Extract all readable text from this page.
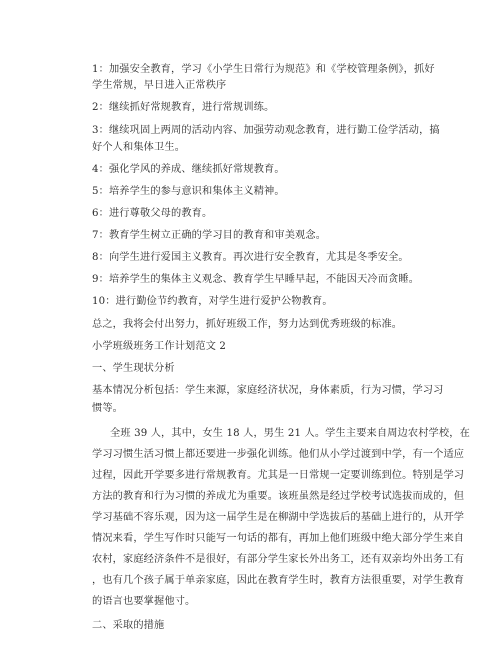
1：加强安全教育，学习《小学生日常行为规范》和《学校管理条例》，抓好
学生常规，早日进入正常秩序
2：继续抓好常规教育，进行常规训练。
3：继续巩固上两周的活动内容、加强劳动观念教育，进行勤工俭学活动，搞
好个人和集体卫生。
4：强化学风的养成、继续抓好常规教育。
5：培养学生的参与意识和集体主义精神。
6：进行尊敬父母的教育。
7：教育学生树立正确的学习目的教育和审美观念。
8：向学生进行爱国主义教育。再次进行安全教育，尤其是冬季安全。
9：培养学生的集体主义观念、教育学生早睡早起，不能因天冷而贪睡。
10：进行勤俭节约教育，对学生进行爱护公物教育。
总之，我将会付出努力，抓好班级工作，努力达到优秀班级的标准。
小学班级班务工作计划范文 2
一、学生现状分析
基本情况分析包括：学生来源，家庭经济状况，身体素质，行为习惯，学习习
惯等。
全班 39 人，其中，女生 18 人，男生 21 人。学生主要来自周边农村学校，在
学习习惯生活习惯上都还要进一步强化训练。他们从小学过渡到中学，有一个适应
过程，因此开学要多进行常规教育。尤其是一日常规一定要训练到位。特别是学习
方法的教育和行为习惯的养成尤为重要。该班虽然是经过学校考试选拔而成的，但
学习基础不容乐观，因为这一届学生是在柳湖中学选拔后的基础上进行的，从开学
情况来看，学生写作时只能写一句话的都有，再加上他们班级中绝大部分学生来自
农村，家庭经济条件不是很好，有部分学生家长外出务工，还有双亲均外出务工有
，也有几个孩子属于单亲家庭，因此在教育学生时，教育方法很重要，对学生教育
的语言也要掌握他寸。
二、采取的措施
